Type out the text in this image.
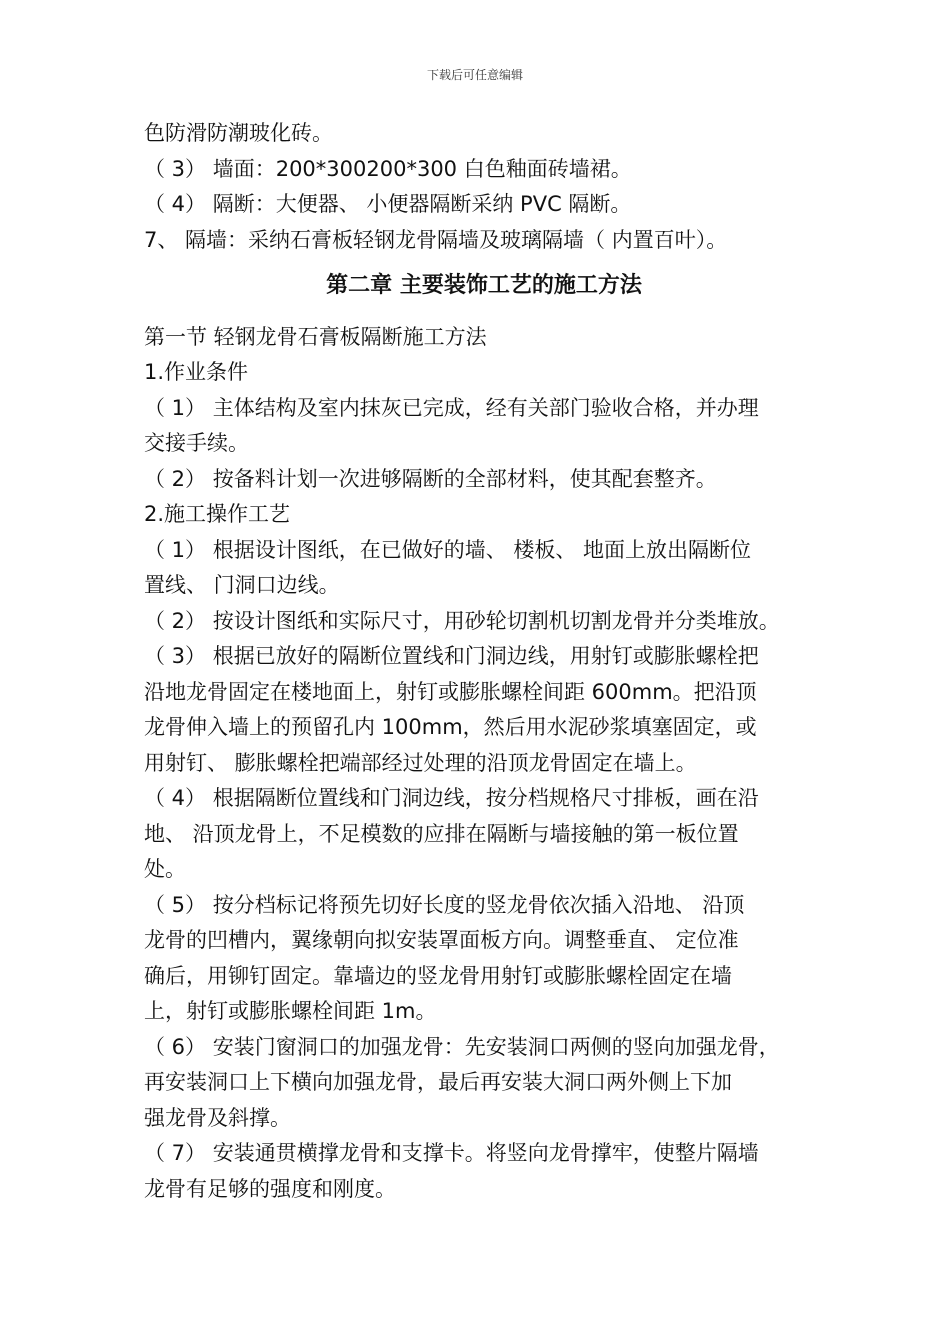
下载后可任意编辑
色防滑防潮玻化砖。
（ 3） 墙面：200*300200*300 白色釉面砖墙裙。
（ 4） 隔断：大便器、 小便器隔断采纳 PVC 隔断。
7、 隔墙：采纳石膏板轻钢龙骨隔墙及玻璃隔墙（ 内置百叶）。

第二章 主要装饰工艺的施工方法

第一节 轻钢龙骨石膏板隔断施工方法
1.作业条件
（ 1） 主体结构及室内抹灰已完成，经有关部门验收合格，并办理
交接手续。
（ 2） 按备料计划一次进够隔断的全部材料，使其配套整齐。
2.施工操作工艺
（ 1） 根据设计图纸，在已做好的墙、 楼板、 地面上放出隔断位
置线、 门洞口边线。
（ 2） 按设计图纸和实际尺寸，用砂轮切割机切割龙骨并分类堆放。
（ 3） 根据已放好的隔断位置线和门洞边线，用射钉或膨胀螺栓把
沿地龙骨固定在楼地面上，射钉或膨胀螺栓间距 600mm。把沿顶
龙骨伸入墙上的预留孔内 100mm，然后用水泥砂浆填塞固定，或
用射钉、 膨胀螺栓把端部经过处理的沿顶龙骨固定在墙上。
（ 4） 根据隔断位置线和门洞边线，按分档规格尺寸排板，画在沿
地、 沿顶龙骨上，不足模数的应排在隔断与墙接触的第一板位置
处。
（ 5） 按分档标记将预先切好长度的竖龙骨依次插入沿地、 沿顶
龙骨的凹槽内，翼缘朝向拟安装罩面板方向。调整垂直、 定位准
确后，用铆钉固定。靠墙边的竖龙骨用射钉或膨胀螺栓固定在墙
上，射钉或膨胀螺栓间距 1m。
（ 6） 安装门窗洞口的加强龙骨：先安装洞口两侧的竖向加强龙骨，
再安装洞口上下横向加强龙骨，最后再安装大洞口两外侧上下加
强龙骨及斜撑。
（ 7） 安装通贯横撑龙骨和支撑卡。将竖向龙骨撑牢，使整片隔墙
龙骨有足够的强度和刚度。
